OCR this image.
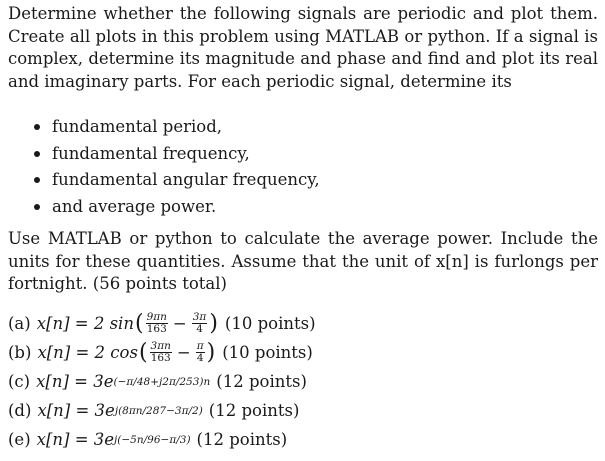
Determine whether the following signals are periodic and plot them. Create all plots in this problem using MATLAB or python. If a signal is complex, determine its magnitude and phase and find and plot its real and imaginary parts. For each periodic signal, determine its

fundamental period,
fundamental frequency,
fundamental angular frequency,
and average power.

Use MATLAB or python to calculate the average power. Include the units for these quantities. Assume that the unit of x[n] is furlongs per fortnight. (56 points total)

(a) x[n] = 2 sin ( $\frac{9\pi n}{163} - \frac{3\pi}{4}$ ) (10 points)
(b) x[n] = 2 cos ( $\frac{3\pi n}{163} - \frac{\pi}{4}$ ) (10 points)
(c) x[n] = 3e (−π/48+j2π/253)n (12 points)
(d) x[n] = 3e j(8πn/287−3π/2) (12 points)
(e) x[n] = 3e j(−5n/96−π/3) (12 points)
